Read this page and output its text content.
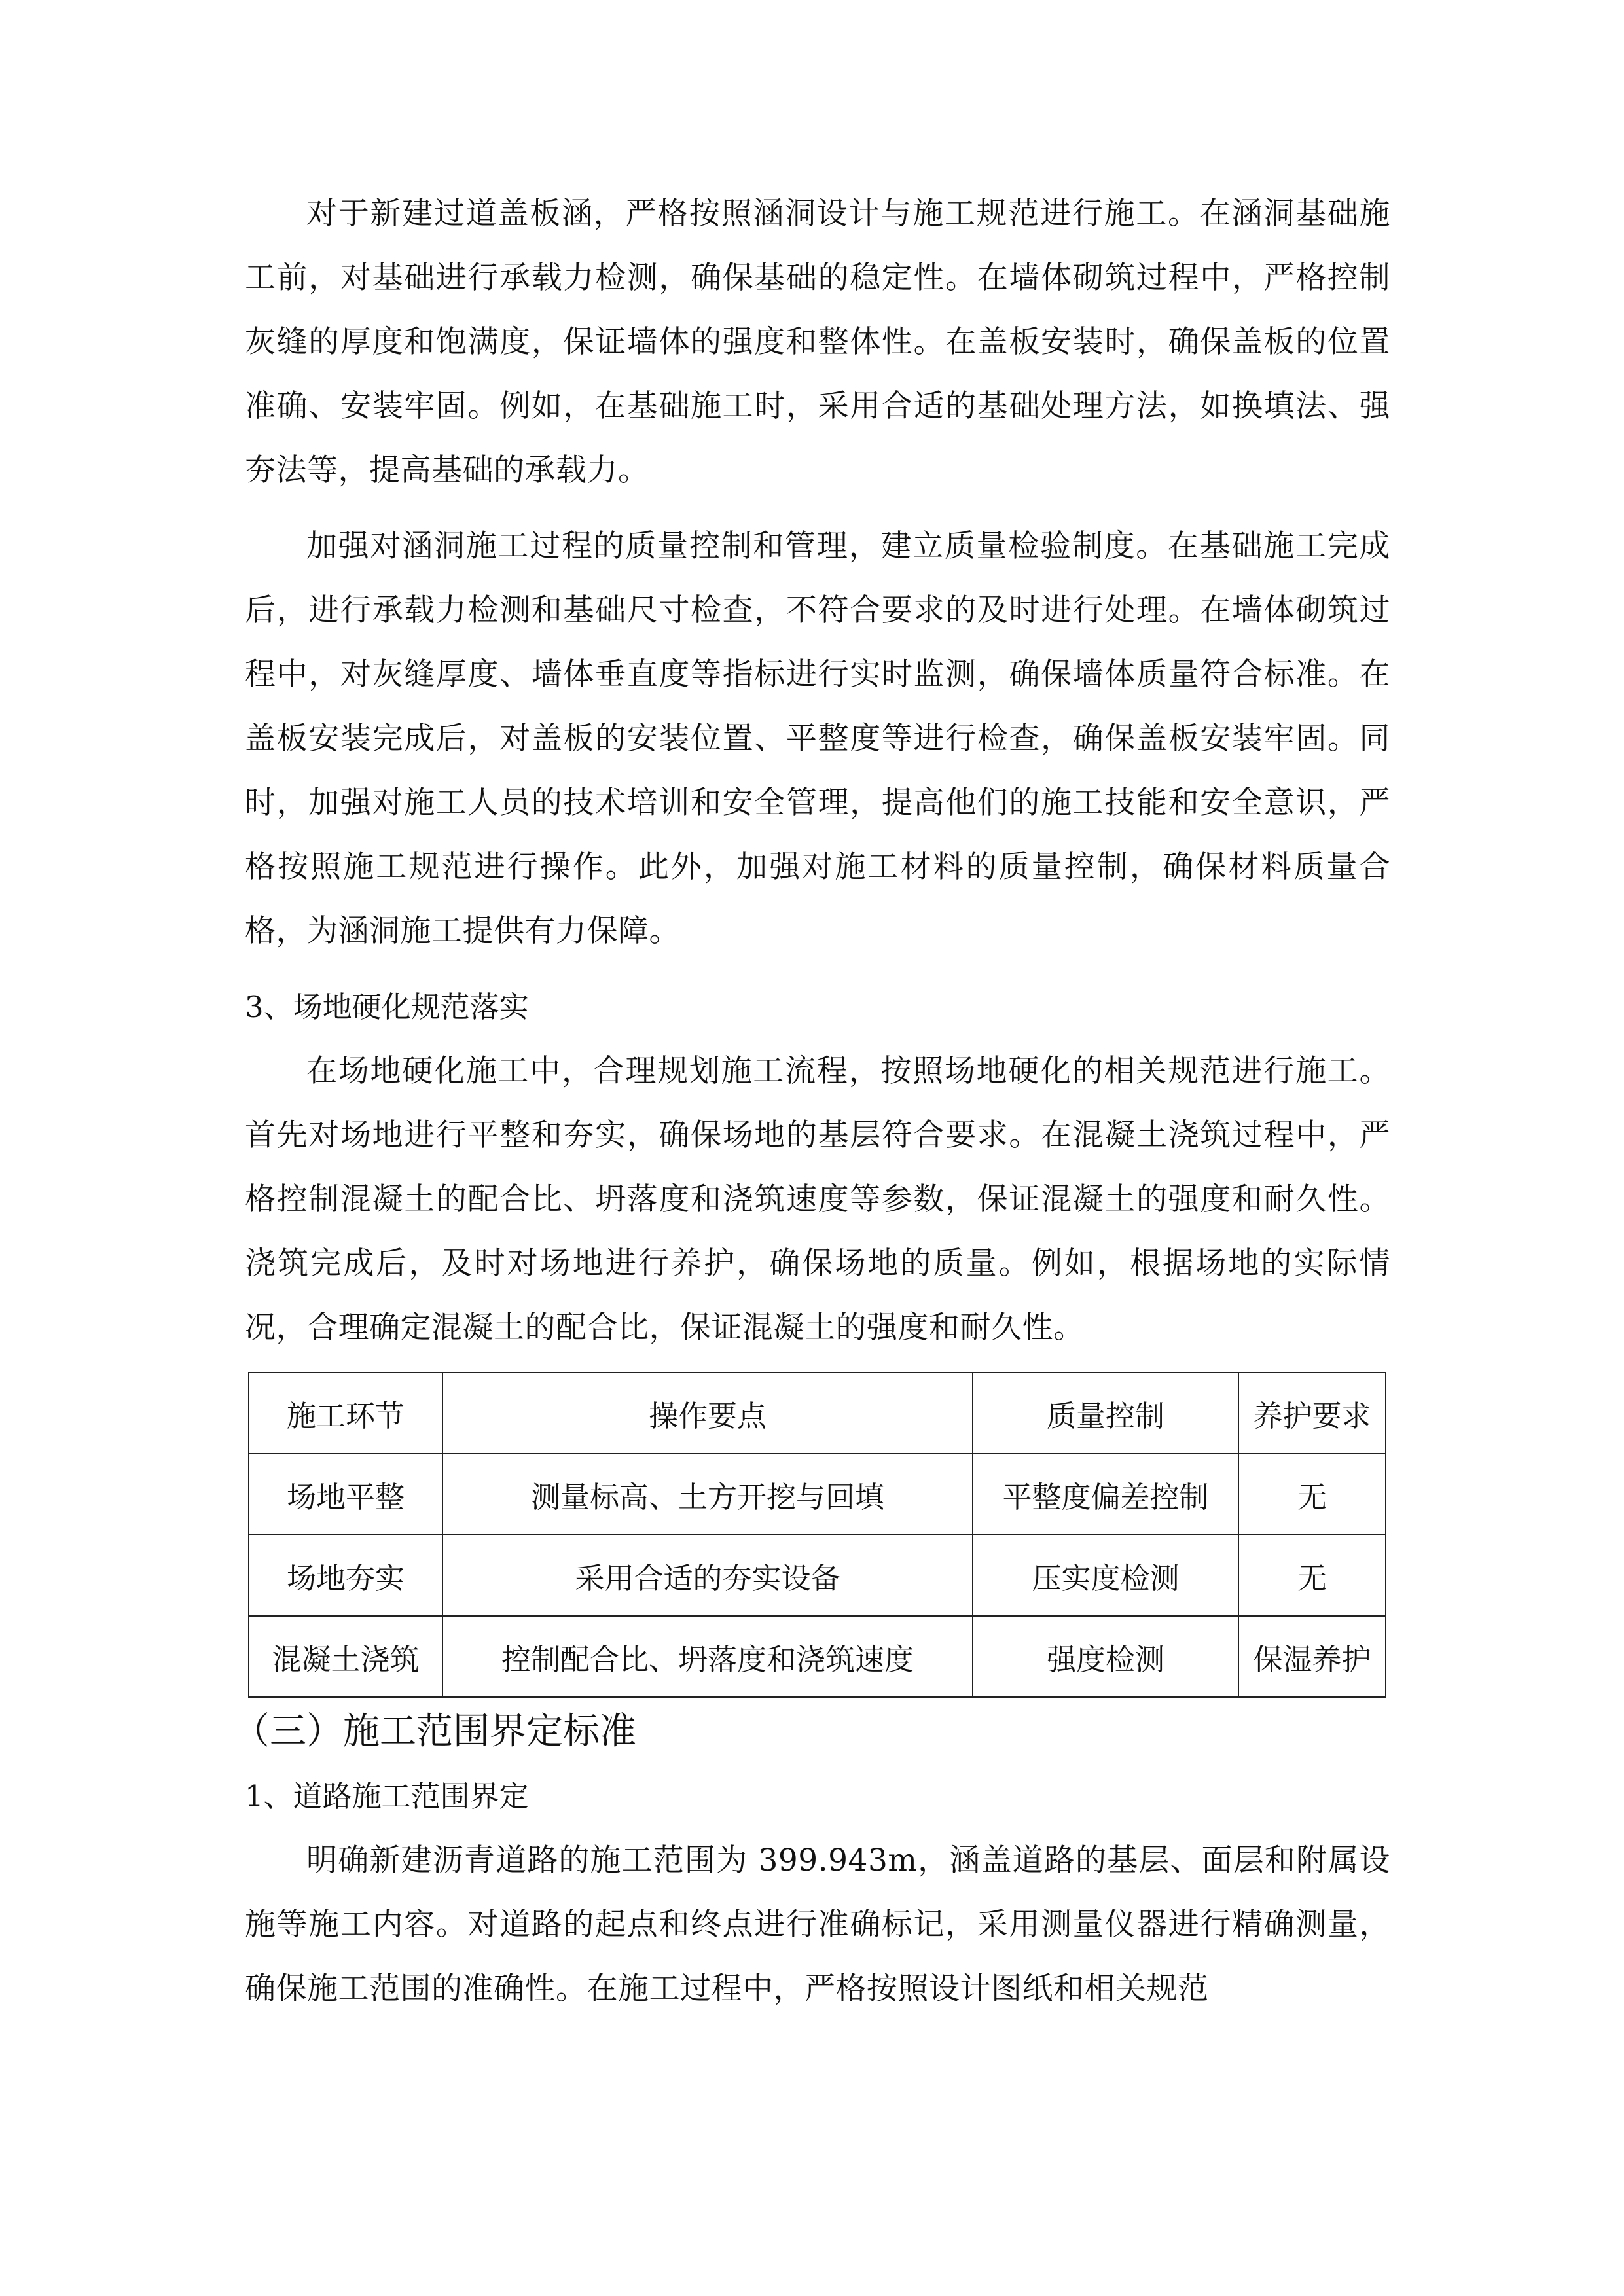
对于新建过道盖板涵，严格按照涵洞设计与施工规范进行施工。在涵洞基础施工前，对基础进行承载力检测，确保基础的稳定性。在墙体砌筑过程中，严格控制灰缝的厚度和饱满度，保证墙体的强度和整体性。在盖板安装时，确保盖板的位置准确、安装牢固。例如，在基础施工时，采用合适的基础处理方法，如换填法、强夯法等，提高基础的承载力。

加强对涵洞施工过程的质量控制和管理，建立质量检验制度。在基础施工完成后，进行承载力检测和基础尺寸检查，不符合要求的及时进行处理。在墙体砌筑过程中，对灰缝厚度、墙体垂直度等指标进行实时监测，确保墙体质量符合标准。在盖板安装完成后，对盖板的安装位置、平整度等进行检查，确保盖板安装牢固。同时，加强对施工人员的技术培训和安全管理，提高他们的施工技能和安全意识，严格按照施工规范进行操作。此外，加强对施工材料的质量控制，确保材料质量合格，为涵洞施工提供有力保障。

3、场地硬化规范落实

在场地硬化施工中，合理规划施工流程，按照场地硬化的相关规范进行施工。首先对场地进行平整和夯实，确保场地的基层符合要求。在混凝土浇筑过程中，严格控制混凝土的配合比、坍落度和浇筑速度等参数，保证混凝土的强度和耐久性。浇筑完成后，及时对场地进行养护，确保场地的质量。例如，根据场地的实际情况，合理确定混凝土的配合比，保证混凝土的强度和耐久性。

施工环节	操作要点	质量控制	养护要求
场地平整	测量标高、土方开挖与回填	平整度偏差控制	无
场地夯实	采用合适的夯实设备	压实度检测	无
混凝土浇筑	控制配合比、坍落度和浇筑速度	强度检测	保湿养护

（三）施工范围界定标准

1、道路施工范围界定

明确新建沥青道路的施工范围为 399.943m，涵盖道路的基层、面层和附属设施等施工内容。对道路的起点和终点进行准确标记，采用测量仪器进行精确测量，确保施工范围的准确性。在施工过程中，严格按照设计图纸和相关规范
